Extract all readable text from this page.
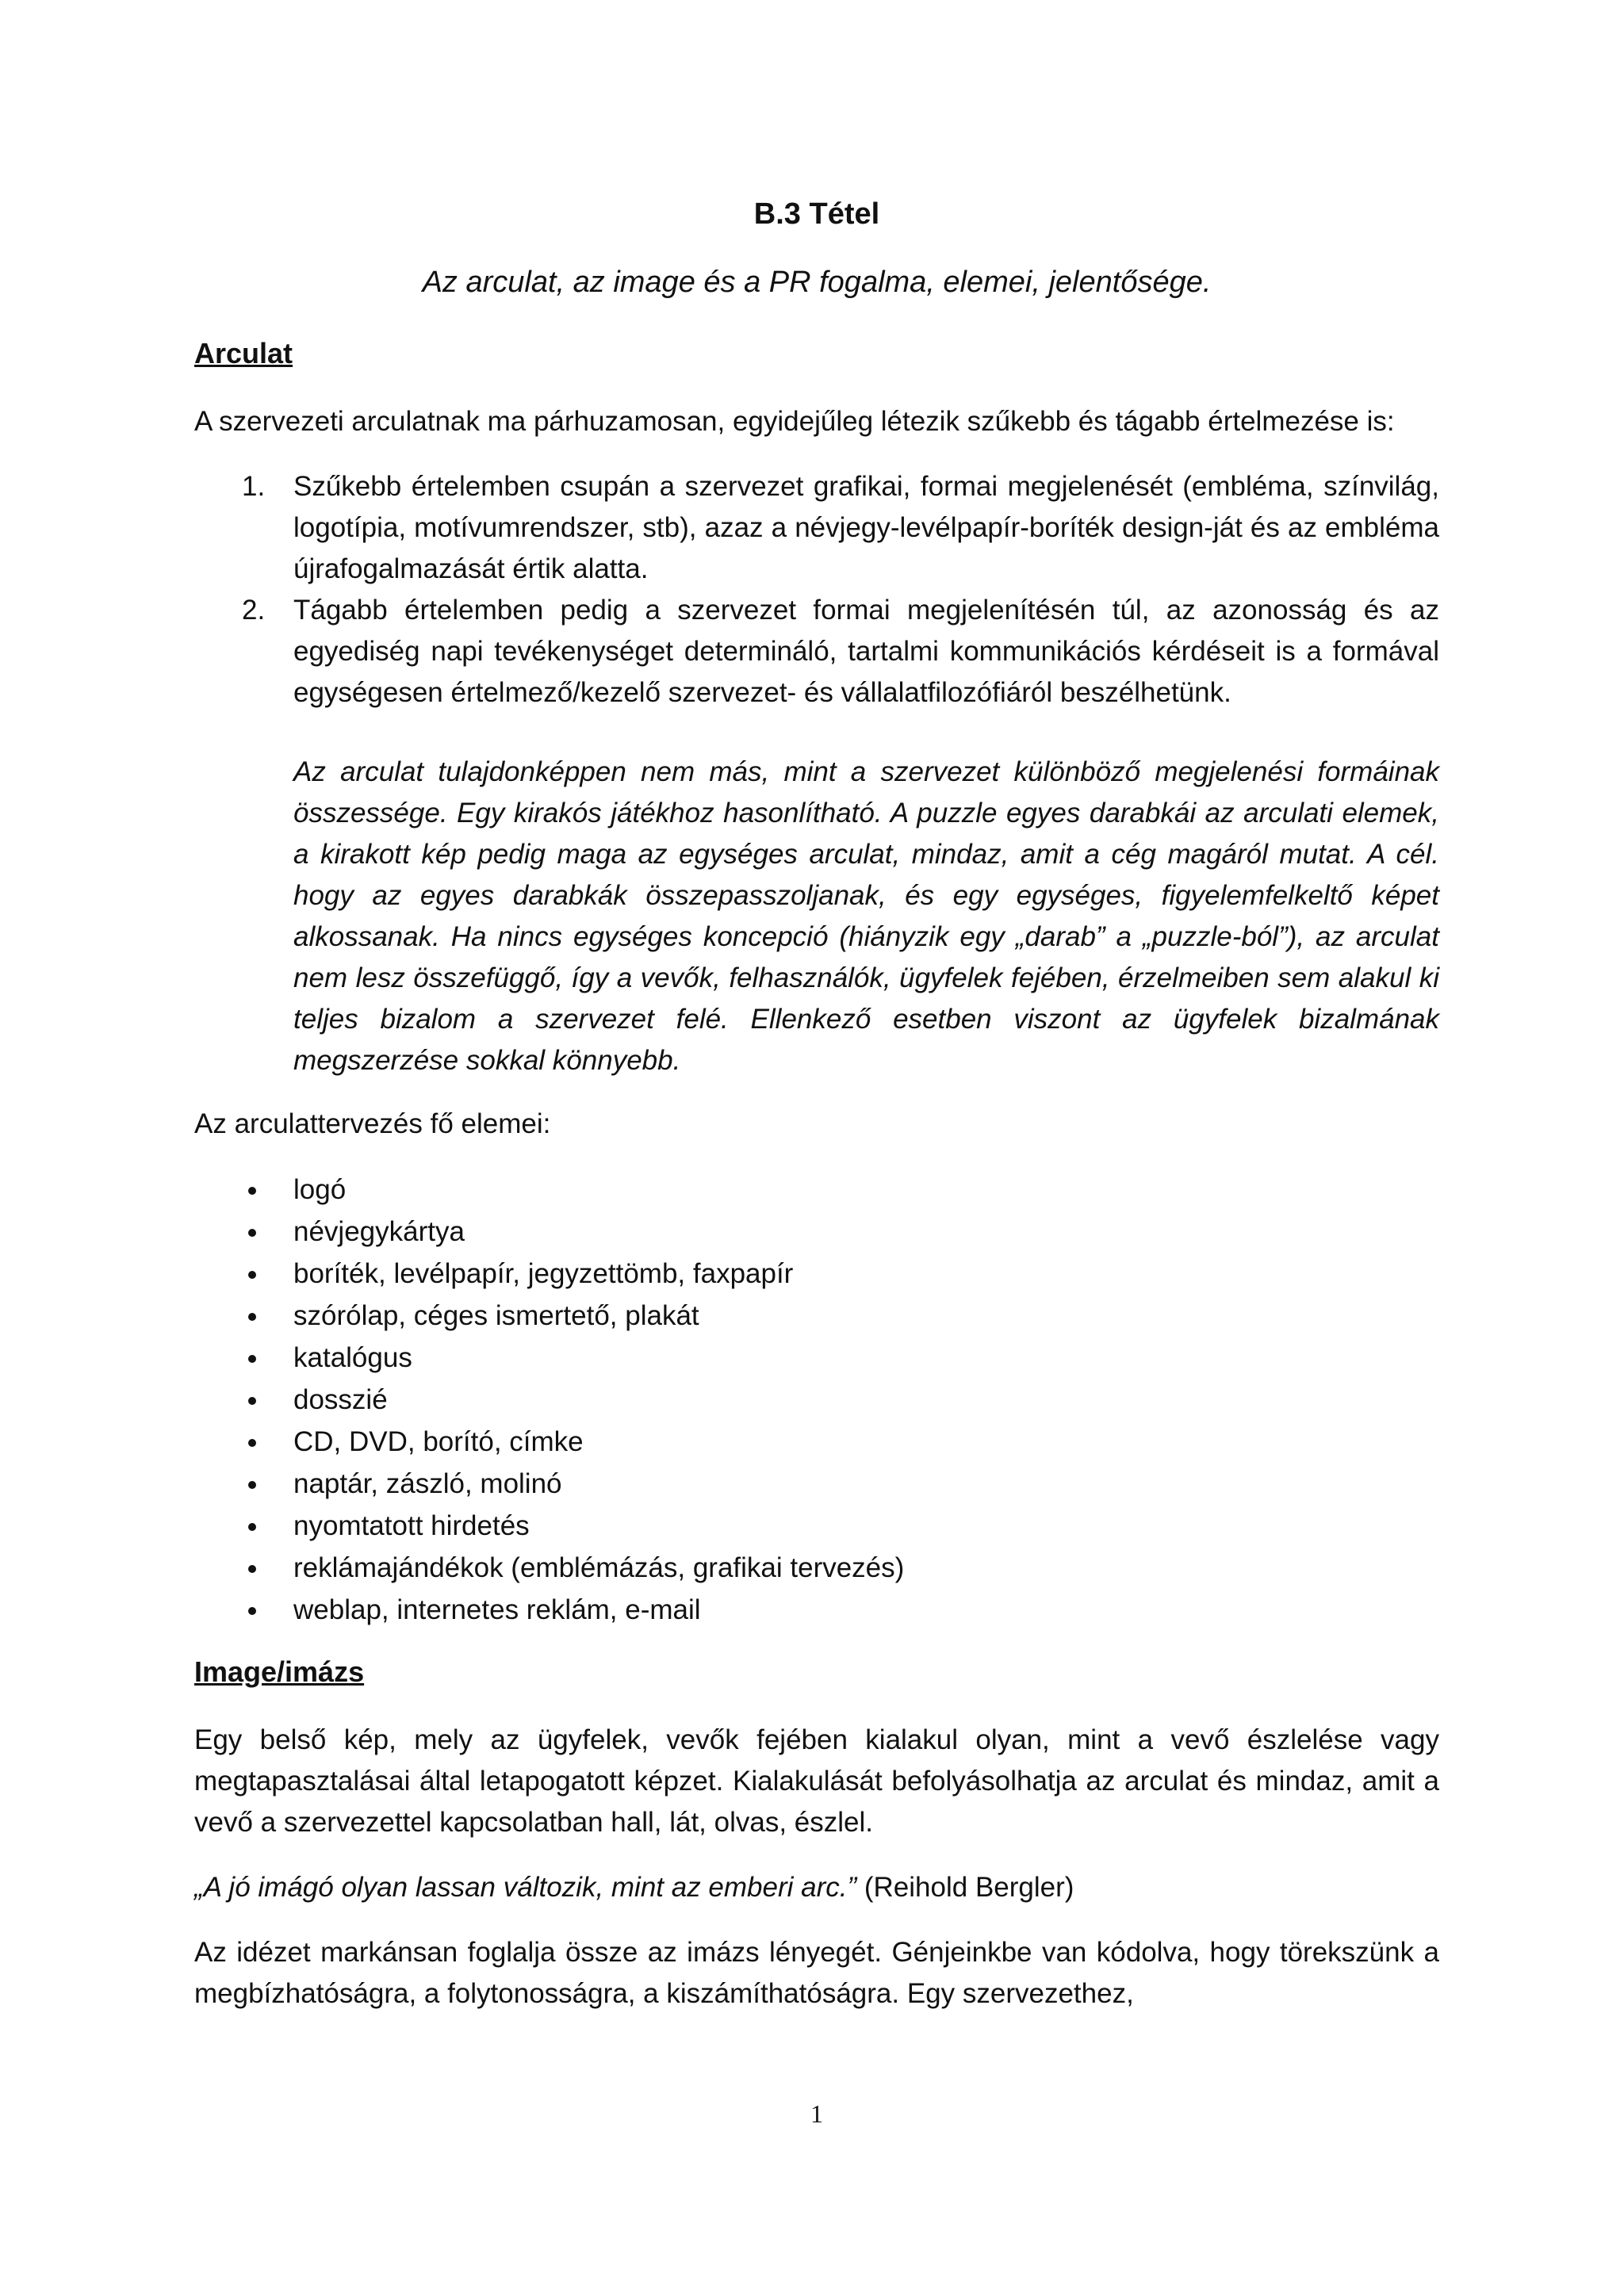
B.3 Tétel
Az arculat, az image és a PR fogalma, elemei, jelentősége.
Arculat

A szervezeti arculatnak ma párhuzamosan, egyidejűleg létezik szűkebb és tágabb értelmezése is:

1. Szűkebb értelemben csupán a szervezet grafikai, formai megjelenését (embléma, színvilág, logotípia, motívumrendszer, stb), azaz a névjegy-levélpapír-boríték design-ját és az embléma újrafogalmazását értik alatta.
2. Tágabb értelemben pedig a szervezet formai megjelenítésén túl, az azonosság és az egyediség napi tevékenységet determináló, tartalmi kommunikációs kérdéseit is a formával egységesen értelmező/kezelő szervezet- és vállalatfilozófiáról beszélhetünk.
Az arculat tulajdonképpen nem más, mint a szervezet különböző megjelenési formáinak összessége. Egy kirakós játékhoz hasonlítható. A puzzle egyes darabkái az arculati elemek, a kirakott kép pedig maga az egységes arculat, mindaz, amit a cég magáról mutat. A cél. hogy az egyes darabkák összepasszoljanak, és egy egységes, figyelemfelkeltő képet alkossanak. Ha nincs egységes koncepció (hiányzik egy „darab” a „puzzle-ból”), az arculat nem lesz összefüggő, így a vevők, felhasználók, ügyfelek fejében, érzelmeiben sem alakul ki teljes bizalom a szervezet felé. Ellenkező esetben viszont az ügyfelek bizalmának megszerzése sokkal könnyebb.

Az arculattervezés fő elemei:

logó
névjegykártya
boríték, levélpapír, jegyzettömb, faxpapír
szórólap, céges ismertető, plakát
katalógus
dosszié
CD, DVD, borító, címke
naptár, zászló, molinó
nyomtatott hirdetés
reklámajándékok (emblémázás, grafikai tervezés)
weblap, internetes reklám, e-mail
Image/imázs

Egy belső kép, mely az ügyfelek, vevők fejében kialakul olyan, mint a vevő észlelése vagy megtapasztalásai által letapogatott képzet. Kialakulását befolyásolhatja az arculat és mindaz, amit a vevő a szervezettel kapcsolatban hall, lát, olvas, észlel.

„A jó imágó olyan lassan változik, mint az emberi arc.” (Reihold Bergler)

Az idézet markánsan foglalja össze az imázs lényegét. Génjeinkbe van kódolva, hogy törekszünk a megbízhatóságra, a folytonosságra, a kiszámíthatóságra. Egy szervezethez,

1
